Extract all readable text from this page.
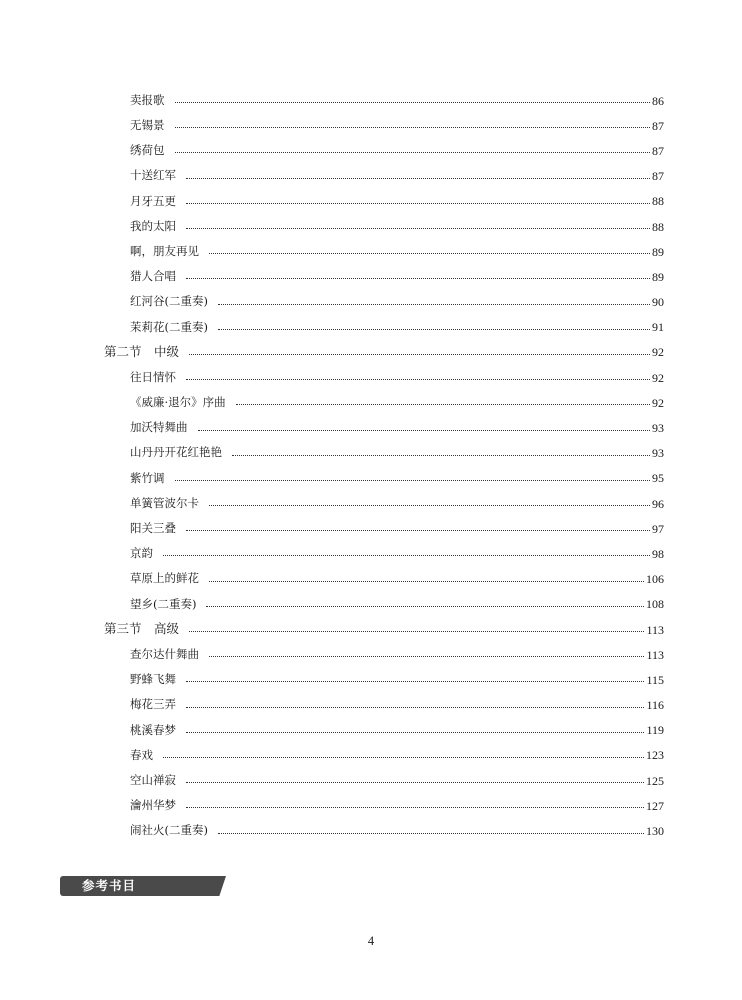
卖报歌	86
无锡景	87
绣荷包	87
十送红军	87
月牙五更	88
我的太阳	88
啊，朋友再见	89
猎人合唱	89
红河谷(二重奏)	90
茉莉花(二重奏)	91
第二节　中级	92
往日情怀	92
《威廉·退尔》序曲	92
加沃特舞曲	93
山丹丹开花红艳艳	93
紫竹调	95
单簧管波尔卡	96
阳关三叠	97
京韵	98
草原上的鲜花	106
望乡(二重奏)	108
第三节　高级	113
查尔达什舞曲	113
野蜂飞舞	115
梅花三弄	116
桃溪春梦	119
春戏	123
空山禅寂	125
瀹州华梦	127
闹社火(二重奏)	130
参考书目
4
